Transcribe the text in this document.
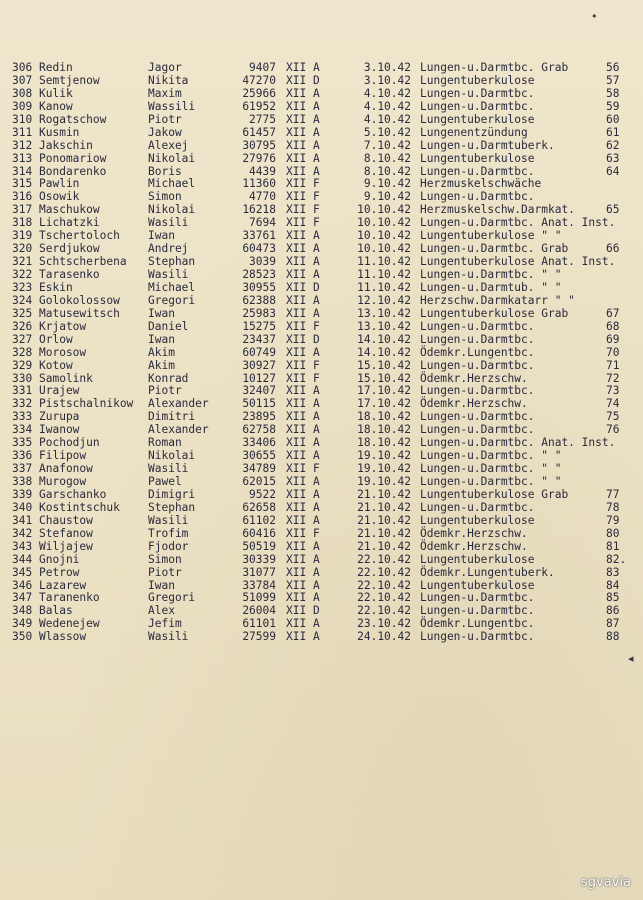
•
306 Redin	Jagor	9407 XII A	3.10.42 Lungen-u.Darmtbc. Grab	56
307 Semtjenow	Nikita	47270 XII D	3.10.42 Lungentuberkulose	57
308 Kulik	Maxim	25966 XII A	4.10.42 Lungen-u.Darmtbc.	58
309 Kanow	Wassili	61952 XII A	4.10.42 Lungen-u.Darmtbc.	59
310 Rogatschow	Piotr	2775 XII A	4.10.42 Lungentuberkulose	60
311 Kusmin	Jakow	61457 XII A	5.10.42 Lungenentzündung	61
312 Jakschin	Alexej	30795 XII A	7.10.42 Lungen-u.Darmtuberk.	62
313 Ponomariow	Nikolai	27976 XII A	8.10.42 Lungentuberkulose	63
314 Bondarenko	Boris	4439 XII A	8.10.42 Lungen-u.Darmtbc.	64
315 Pawlin	Michael	11360 XII F	9.10.42 Herzmuskelschwäche
316 Osowik	Simon	4770 XII F	9.10.42 Lungen-u.Darmtbc.
317 Maschukow	Nikolai	16218 XII F	10.10.42 Herzmuskelschw.Darmkat.	65
318 Lichatzki	Wasili	7694 XII F	10.10.42 Lungen-u.Darmtbc. Anat. Inst.
319 Tschertoloch	Iwan	33761 XII A	10.10.42 Lungentuberkulose " "
320 Serdjukow	Andrej	60473 XII A	10.10.42 Lungen-u.Darmtbc. Grab	66
321 Schtscherbena Stephan	3039 XII A	11.10.42 Lungentuberkulose Anat. Inst.
322 Tarasenko	Wasili	28523 XII A	11.10.42 Lungen-u.Darmtbc. " "
323 Eskin	Michael	30955 XII D	11.10.42 Lungen-u.Darmtub. " "
324 Golokolossow	Gregori	62388 XII A	12.10.42 Herzschw.Darmkatarr " "
325 Matusewitsch	Iwan	25983 XII A	13.10.42 Lungentuberkulose Grab	67
326 Krjatow	Daniel	15275 XII F	13.10.42 Lungen-u.Darmtbc.	68
327 Orlow	Iwan	23437 XII D	14.10.42 Lungen-u.Darmtbc.	69
328 Morosow	Akim	60749 XII A	14.10.42 Ödemkr.Lungentbc.	70
329 Kotow	Akim	30927 XII F	15.10.42 Lungen-u.Darmtbc.	71
330 Samolink	Konrad	10127 XII F	15.10.42 Ödemkr.Herzschw.	72
331 Urajew	Piotr	32407 XII A	17.10.42 Lungen-u.Darmtbc.	73
332 Pistschalnikow Alexander	50115 XII A	17.10.42 Ödemkr.Herzschw.	74
333 Zurupa	Dimitri	23895 XII A	18.10.42 Lungen-u.Darmtbc.	75
334 Iwanow	Alexander	62758 XII A	18.10.42 Lungen-u.Darmtbc.	76
335 Pochodjun	Roman	33406 XII A	18.10.42 Lungen-u.Darmtbc. Anat. Inst.
336 Filipow	Nikolai	30655 XII A	19.10.42 Lungen-u.Darmtbc. " "
337 Anafonow	Wasili	34789 XII F	19.10.42 Lungen-u.Darmtbc. " "
338 Murogow	Pawel	62015 XII A	19.10.42 Lungen-u.Darmtbc. " "
339 Garschanko	Dimigri	9522 XII A	21.10.42 Lungentuberkulose Grab	77
340 Kostintschuk	Stephan	62658 XII A	21.10.42 Lungen-u.Darmtbc.	78
341 Chaustow	Wasili	61102 XII A	21.10.42 Lungentuberkulose	79
342 Stefanow	Trofim	60416 XII F	21.10.42 Ödemkr.Herzschw.	80
343 Wiljajew	Fjodor	50519 XII A	21.10.42 Ödemkr.Herzschw.	81
344 Gnojni	Simon	30339 XII A	22.10.42 Lungentuberkulose	82.
345 Petrow	Piotr	31077 XII A	22.10.42 Ödemkr.Lungentuberk.	83
346 Lazarew	Iwan	33784 XII A	22.10.42 Lungentuberkulose	84
347 Taranenko	Gregori	51099 XII A	22.10.42 Lungen-u.Darmtbc.	85
348 Balas	Alex	26004 XII D	22.10.42 Lungen-u.Darmtbc.	86
349 Wedenejew	Jefim	61101 XII A	23.10.42 Ödemkr.Lungentbc.	87
350 Wlassow	Wasili	27599 XII A	24.10.42 Lungen-u.Darmtbc.	88
◂
sgvavia
